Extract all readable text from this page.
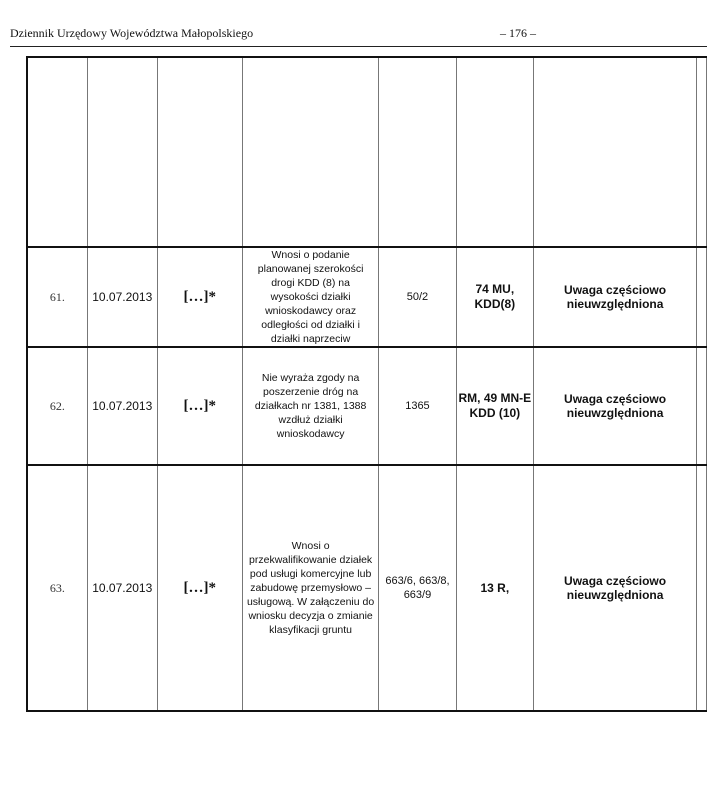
Dziennik Urzędowy Województwa Małopolskiego	– 176 –

61.	10.07.2013	[…]*	Wnosi o podanie planowanej szerokości drogi KDD (8) na wysokości działki wnioskodawcy oraz odległości od działki i działki naprzeciw	50/2	74 MU, KDD(8)	Uwaga częściowo nieuwzględniona	
62.	10.07.2013	[…]*	Nie wyraża zgody na poszerzenie dróg na działkach nr 1381, 1388 wzdłuż działki wnioskodawcy	1365	RM, 49 MN-E KDD (10)	Uwaga częściowo nieuwzględniona	
63.	10.07.2013	[…]*	Wnosi o przekwalifikowanie działek pod usługi komercyjne lub zabudowę przemysłowo – usługową. W załączeniu do wniosku decyzja o zmianie klasyfikacji gruntu	663/6, 663/8, 663/9	13 R,	Uwaga częściowo nieuwzględniona	
